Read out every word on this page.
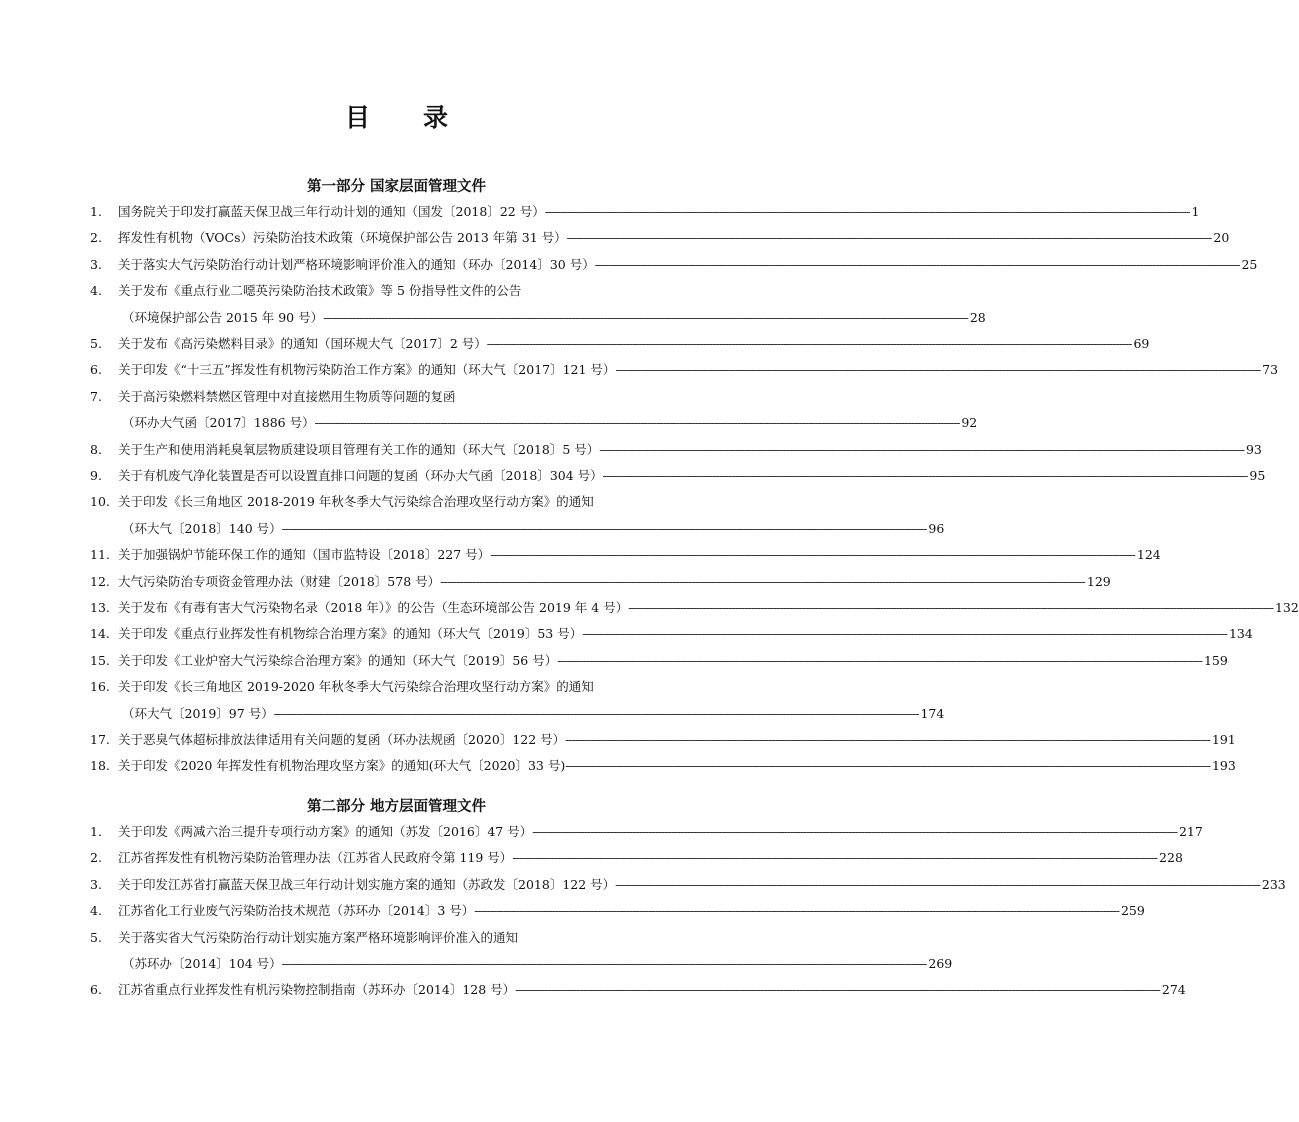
目　录
第一部分 国家层面管理文件
第二部分 地方层面管理文件
1.	国务院关于印发打赢蓝天保卫战三年行动计划的通知（国发〔2018〕22 号） -------------------------------------------------------------------------------------------------------------------------------------------------------------------------------------------------------- 1
2.	挥发性有机物（VOCs）污染防治技术政策（环境保护部公告 2013 年第 31 号） -------------------------------------------------------------------------------------------------------------------------------------------------------------------------------------------------------- 20
3.	关于落实大气污染防治行动计划严格环境影响评价准入的通知（环办〔2014〕30 号） -------------------------------------------------------------------------------------------------------------------------------------------------------------------------------------------------------- 25
4.	关于发布《重点行业二噁英污染防治技术政策》等 5 份指导性文件的公告
（环境保护部公告 2015 年 90 号） -------------------------------------------------------------------------------------------------------------------------------------------------------------------------------------------------------- 28
5.	关于发布《高污染燃料目录》的通知（国环规大气〔2017〕2 号） -------------------------------------------------------------------------------------------------------------------------------------------------------------------------------------------------------- 69
6.	关于印发《“十三五”挥发性有机物污染防治工作方案》的通知（环大气〔2017〕121 号） -------------------------------------------------------------------------------------------------------------------------------------------------------------------------------------------------------- 73
7.	关于高污染燃料禁燃区管理中对直接燃用生物质等问题的复函
（环办大气函〔2017〕1886 号） -------------------------------------------------------------------------------------------------------------------------------------------------------------------------------------------------------- 92
8.	关于生产和使用消耗臭氧层物质建设项目管理有关工作的通知（环大气〔2018〕5 号） -------------------------------------------------------------------------------------------------------------------------------------------------------------------------------------------------------- 93
9.	关于有机废气净化装置是否可以设置直排口问题的复函（环办大气函〔2018〕304 号） -------------------------------------------------------------------------------------------------------------------------------------------------------------------------------------------------------- 95
10. 关于印发《长三角地区 2018-2019 年秋冬季大气污染综合治理攻坚行动方案》的通知
（环大气〔2018〕140 号） -------------------------------------------------------------------------------------------------------------------------------------------------------------------------------------------------------- 96
11. 关于加强锅炉节能环保工作的通知（国市监特设〔2018〕227 号） -------------------------------------------------------------------------------------------------------------------------------------------------------------------------------------------------------- 124
12. 大气污染防治专项资金管理办法（财建〔2018〕578 号） -------------------------------------------------------------------------------------------------------------------------------------------------------------------------------------------------------- 129
13. 关于发布《有毒有害大气污染物名录（2018 年）》的公告（生态环境部公告 2019 年 4 号） -------------------------------------------------------------------------------------------------------------------------------------------------------------------------------------------------------- 132
14. 关于印发《重点行业挥发性有机物综合治理方案》的通知（环大气〔2019〕53 号） -------------------------------------------------------------------------------------------------------------------------------------------------------------------------------------------------------- 134
15. 关于印发《工业炉窑大气污染综合治理方案》的通知（环大气〔2019〕56 号） -------------------------------------------------------------------------------------------------------------------------------------------------------------------------------------------------------- 159
16. 关于印发《长三角地区 2019-2020 年秋冬季大气污染综合治理攻坚行动方案》的通知
（环大气〔2019〕97 号） -------------------------------------------------------------------------------------------------------------------------------------------------------------------------------------------------------- 174
17. 关于恶臭气体超标排放法律适用有关问题的复函（环办法规函〔2020〕122 号） -------------------------------------------------------------------------------------------------------------------------------------------------------------------------------------------------------- 191
18. 关于印发《2020 年挥发性有机物治理攻坚方案》的通知(环大气〔2020〕33 号) -------------------------------------------------------------------------------------------------------------------------------------------------------------------------------------------------------- 193
1.	关于印发《两减六治三提升专项行动方案》的通知（苏发〔2016〕47 号） -------------------------------------------------------------------------------------------------------------------------------------------------------------------------------------------------------- 217
2.	江苏省挥发性有机物污染防治管理办法（江苏省人民政府令第 119 号） -------------------------------------------------------------------------------------------------------------------------------------------------------------------------------------------------------- 228
3.	关于印发江苏省打赢蓝天保卫战三年行动计划实施方案的通知（苏政发〔2018〕122 号） -------------------------------------------------------------------------------------------------------------------------------------------------------------------------------------------------------- 233
4.	江苏省化工行业废气污染防治技术规范（苏环办〔2014〕3 号） -------------------------------------------------------------------------------------------------------------------------------------------------------------------------------------------------------- 259
5.	关于落实省大气污染防治行动计划实施方案严格环境影响评价准入的通知
（苏环办〔2014〕104 号） -------------------------------------------------------------------------------------------------------------------------------------------------------------------------------------------------------- 269
6.	江苏省重点行业挥发性有机污染物控制指南（苏环办〔2014〕128 号） -------------------------------------------------------------------------------------------------------------------------------------------------------------------------------------------------------- 274
